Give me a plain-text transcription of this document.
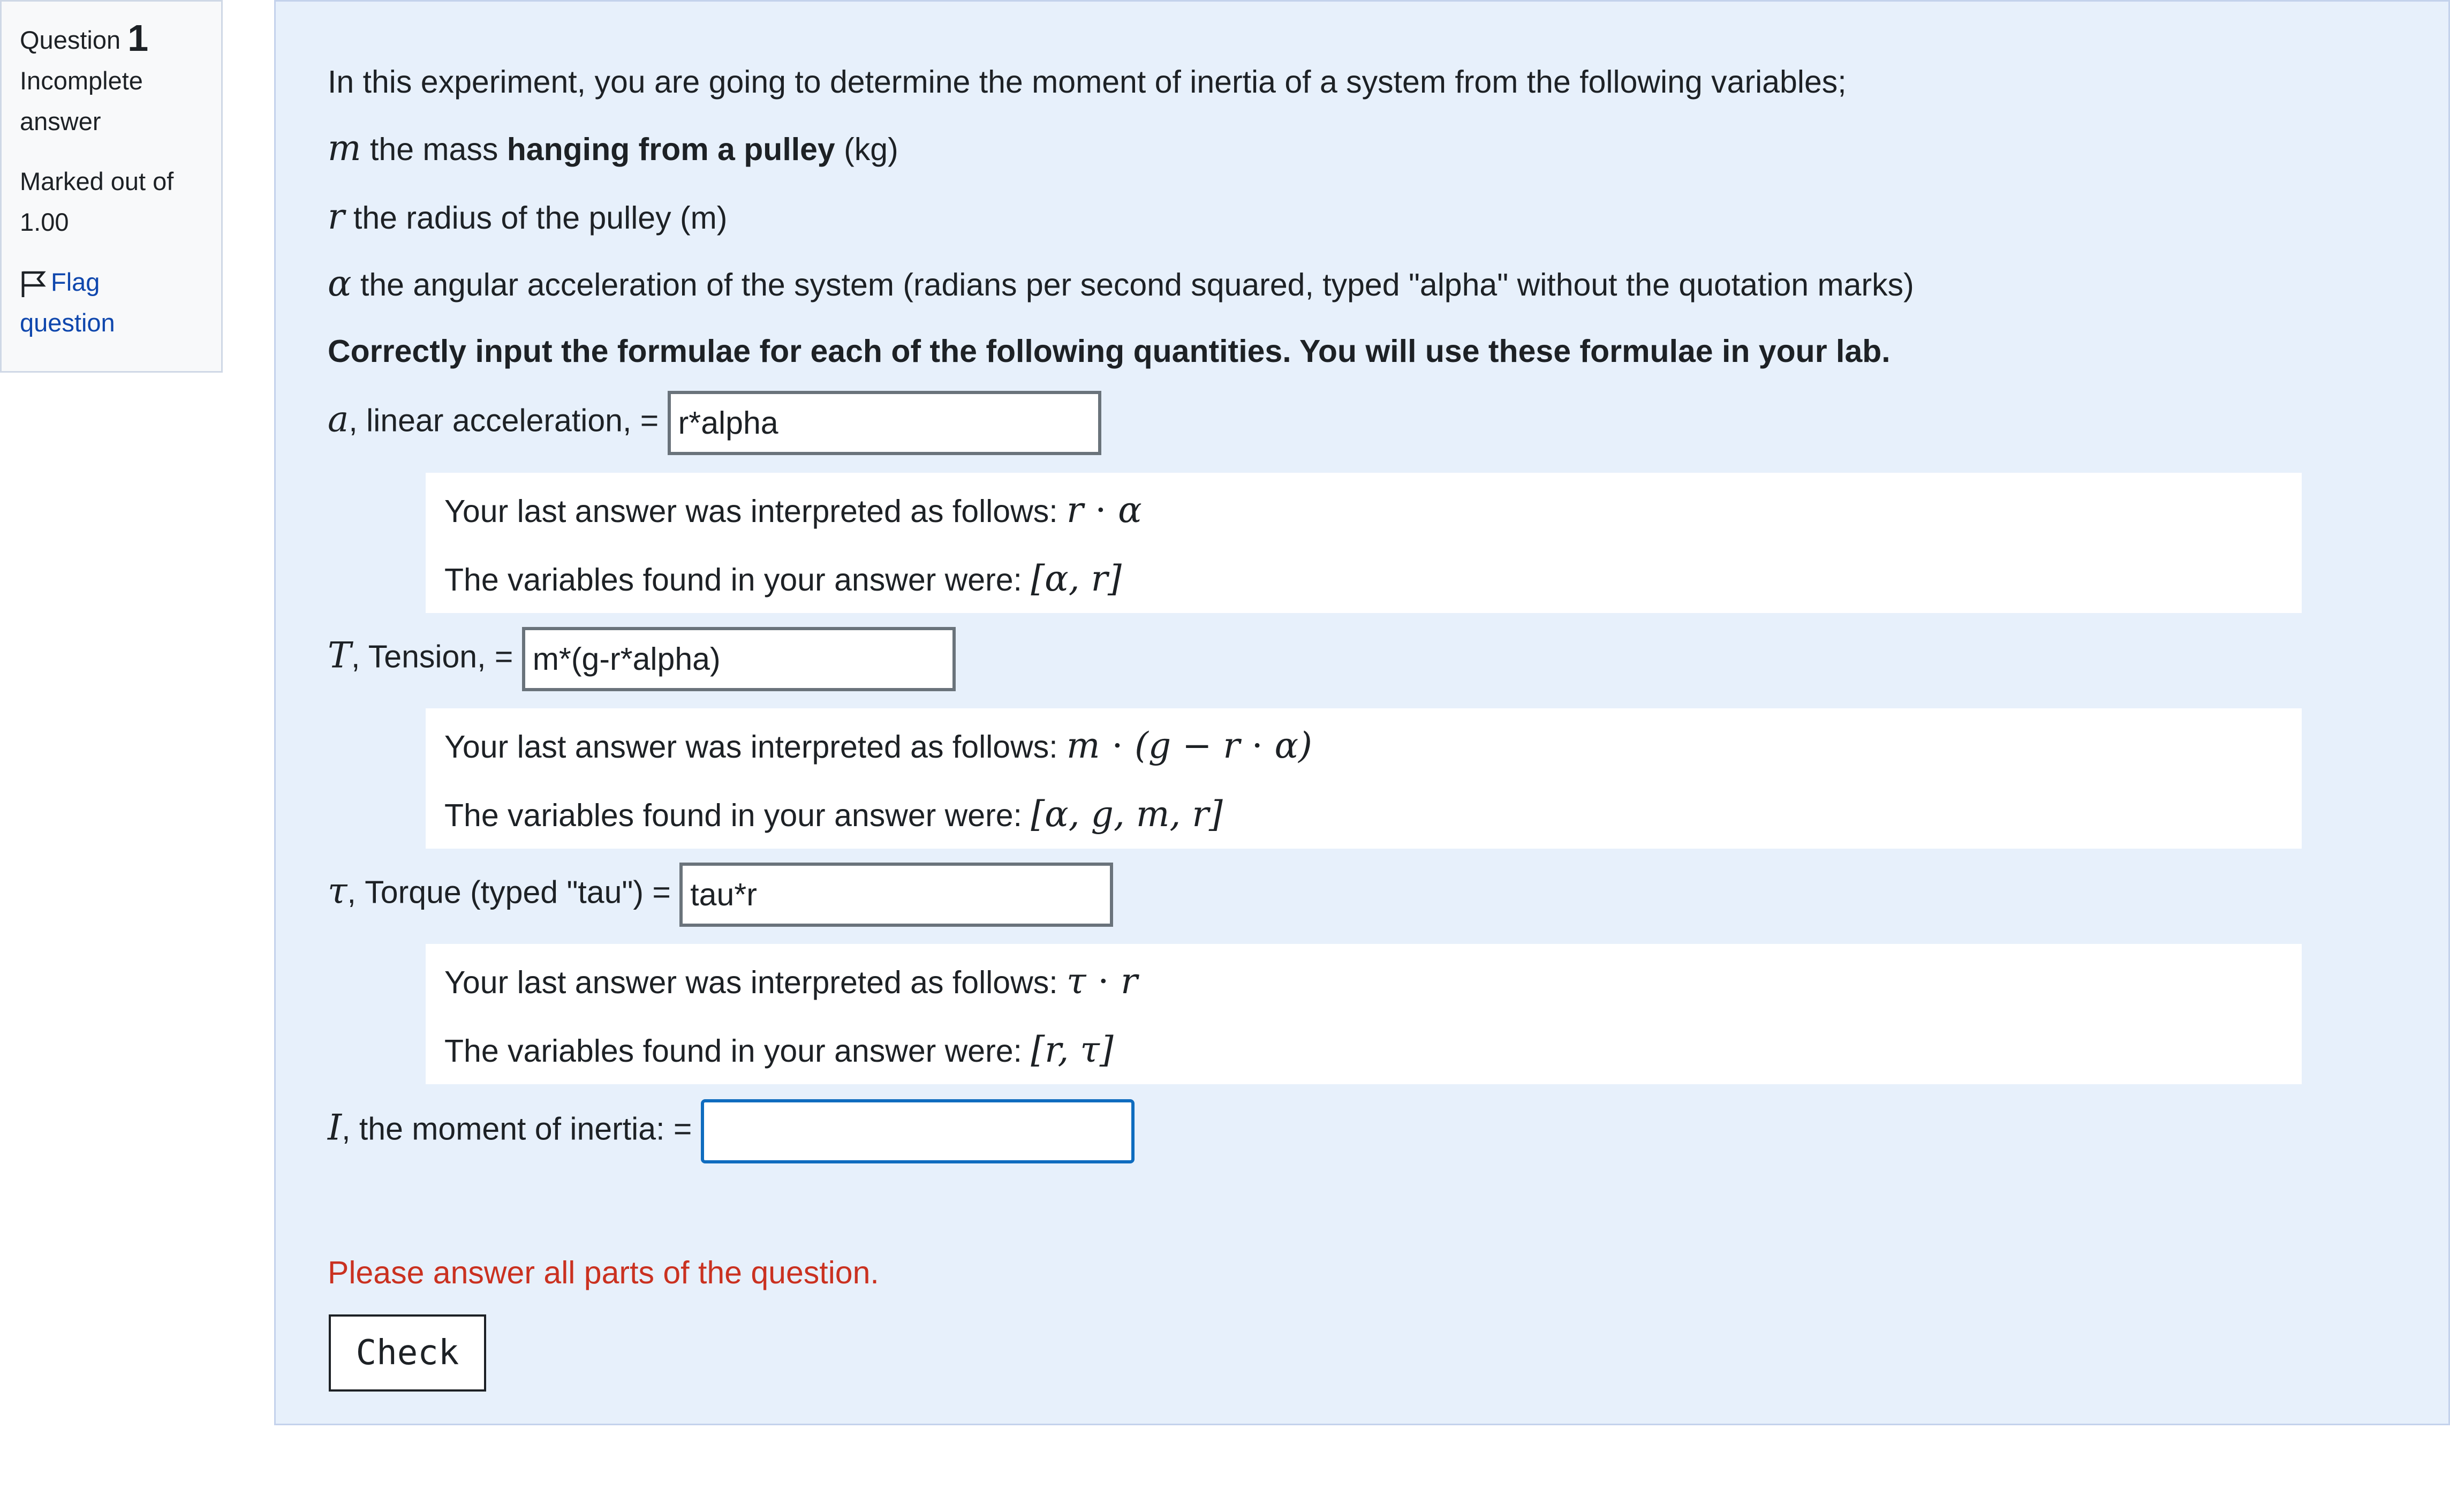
Question 1
Incomplete answer
Marked out of
1.00
Flag question
In this experiment, you are going to determine the moment of inertia of a system from the following variables;
m the mass hanging from a pulley (kg)
r the radius of the pulley (m)
α the angular acceleration of the system (radians per second squared, typed "alpha" without the quotation marks)
Correctly input the formulae for each of the following quantities. You will use these formulae in your lab.
a, linear acceleration, = r*alpha
Your last answer was interpreted as follows: r ⋅ α
The variables found in your answer were: [α, r]
T, Tension, = m*(g-r*alpha)
Your last answer was interpreted as follows: m ⋅ (g − r ⋅ α)
The variables found in your answer were: [α, g, m, r]
τ, Torque (typed "tau") = tau*r
Your last answer was interpreted as follows: τ ⋅ r
The variables found in your answer were: [r, τ]
I, the moment of inertia: =
Please answer all parts of the question.
Check
